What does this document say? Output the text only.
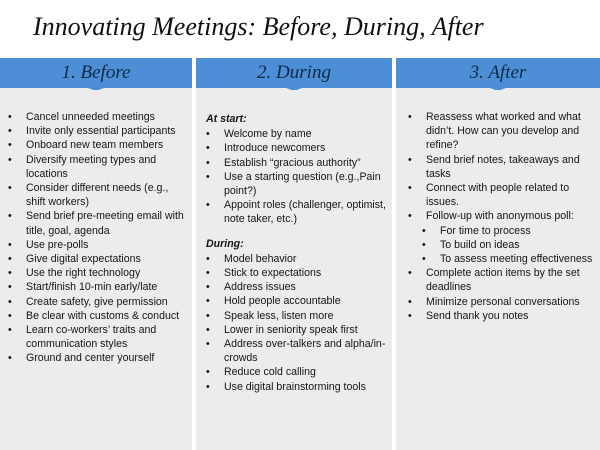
Innovating Meetings: Before, During, After
1. Before
• Cancel unneeded meetings
• Invite only essential participants
• Onboard new team members
• Diversify meeting types and locations
• Consider different needs (e.g., shift workers)
• Send brief pre-meeting email with title, goal, agenda
• Use pre-polls
• Give digital expectations
• Use the right technology
• Start/finish 10-min early/late
• Create safety, give permission
• Be clear with customs & conduct
• Learn co-workers’ traits and communication styles
• Ground and center yourself
2. During
At start:
• Welcome by name
• Introduce newcomers
• Establish “gracious authority”
• Use a starting question (e.g.,Pain point?)
• Appoint roles (challenger, optimist, note taker, etc.)
During:
• Model behavior
• Stick to expectations
• Address issues
• Hold people accountable
• Speak less, listen more
• Lower in seniority speak first
• Address over-talkers and alpha/in-crowds
• Reduce cold calling
• Use digital brainstorming tools
3. After
• Reassess what worked and what didn’t. How can you develop and refine?
• Send brief notes, takeaways and tasks
• Connect with people related to issues.
• Follow-up with anonymous poll:
• For time to process
• To build on ideas
• To assess meeting effectiveness
• Complete action items by the set deadlines
• Minimize personal conversations
• Send thank you notes
